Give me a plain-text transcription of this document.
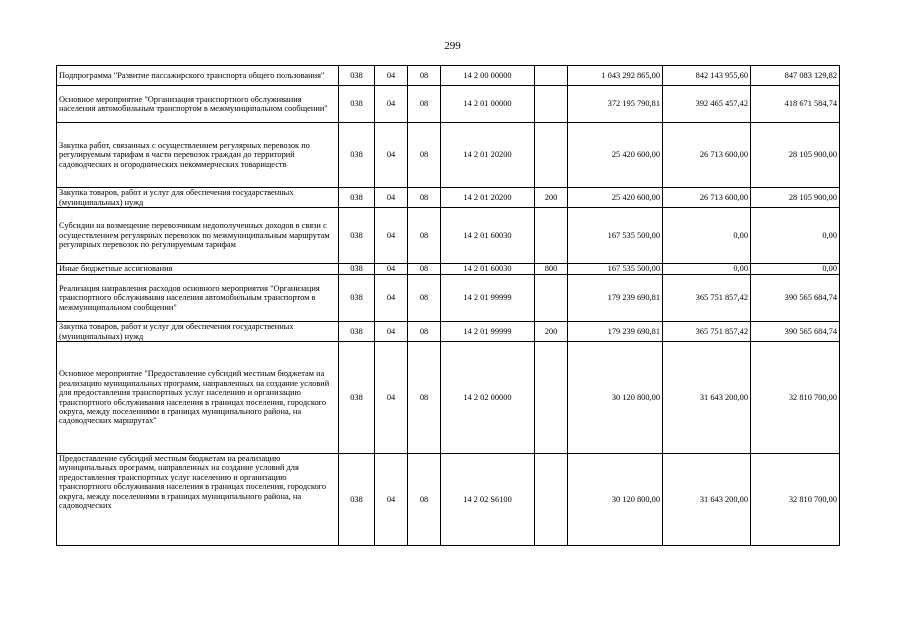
299
Подпрограмма "Развитие пассажирского транспорта общего пользования"	038	04	08	14 2 00 00000		1 043 292 865,00	842 143 955,60	847 083 129,82
Основное мероприятие "Организация транспортного обслуживания населения автомобильным транспортом в межмуниципальном сообщении"	038	04	08	14 2 01 00000		372 195 790,81	392 465 457,42	418 671 584,74
Закупка работ, связанных с осуществлением регулярных перевозок по регулируемым тарифам в части перевозок граждан до территорий садоводческих и огороднических некоммерческих товариществ	038	04	08	14 2 01 20200		25 420 600,00	26 713 600,00	28 105 900,00
Закупка товаров, работ и услуг для обеспечения государственных (муниципальных) нужд	038	04	08	14 2 01 20200	200	25 420 600,00	26 713 600,00	28 105 900,00
Субсидии на возмещение перевозчикам недополученных доходов в связи с осуществлением регулярных перевозок по межмуниципальным маршрутам регулярных перевозок по регулируемым тарифам	038	04	08	14 2 01 60030		167 535 500,00	0,00	0,00
Иные бюджетные ассигнования	038	04	08	14 2 01 60030	800	167 535 500,00	0,00	0,00
Реализация направления расходов основного мероприятия "Организация транспортного обслуживания населения автомобильным транспортом в межмуниципальном сообщении"	038	04	08	14 2 01 99999		179 239 690,81	365 751 857,42	390 565 684,74
Закупка товаров, работ и услуг для обеспечения государственных (муниципальных) нужд	038	04	08	14 2 01 99999	200	179 239 690,81	365 751 857,42	390 565 684,74
Основное мероприятие "Предоставление субсидий местным бюджетам на реализацию муниципальных программ, направленных на создание условий для предоставления транспортных услуг населению и организацию транспортного обслуживания населения в границах поселения, городского округа, между поселениями в границах муниципального района, на садоводческих маршрутах"	038	04	08	14 2 02 00000		30 120 800,00	31 643 200,00	32 810 700,00
Предоставление субсидий местным бюджетам на реализацию муниципальных программ, направленных на создание условий для предоставления транспортных услуг населению и организацию транспортного обслуживания населения в границах поселения, городского округа, между поселениями в границах муниципального района, на садоводческих	038	04	08	14 2 02 S6100		30 120 800,00	31 643 200,00	32 810 700,00
